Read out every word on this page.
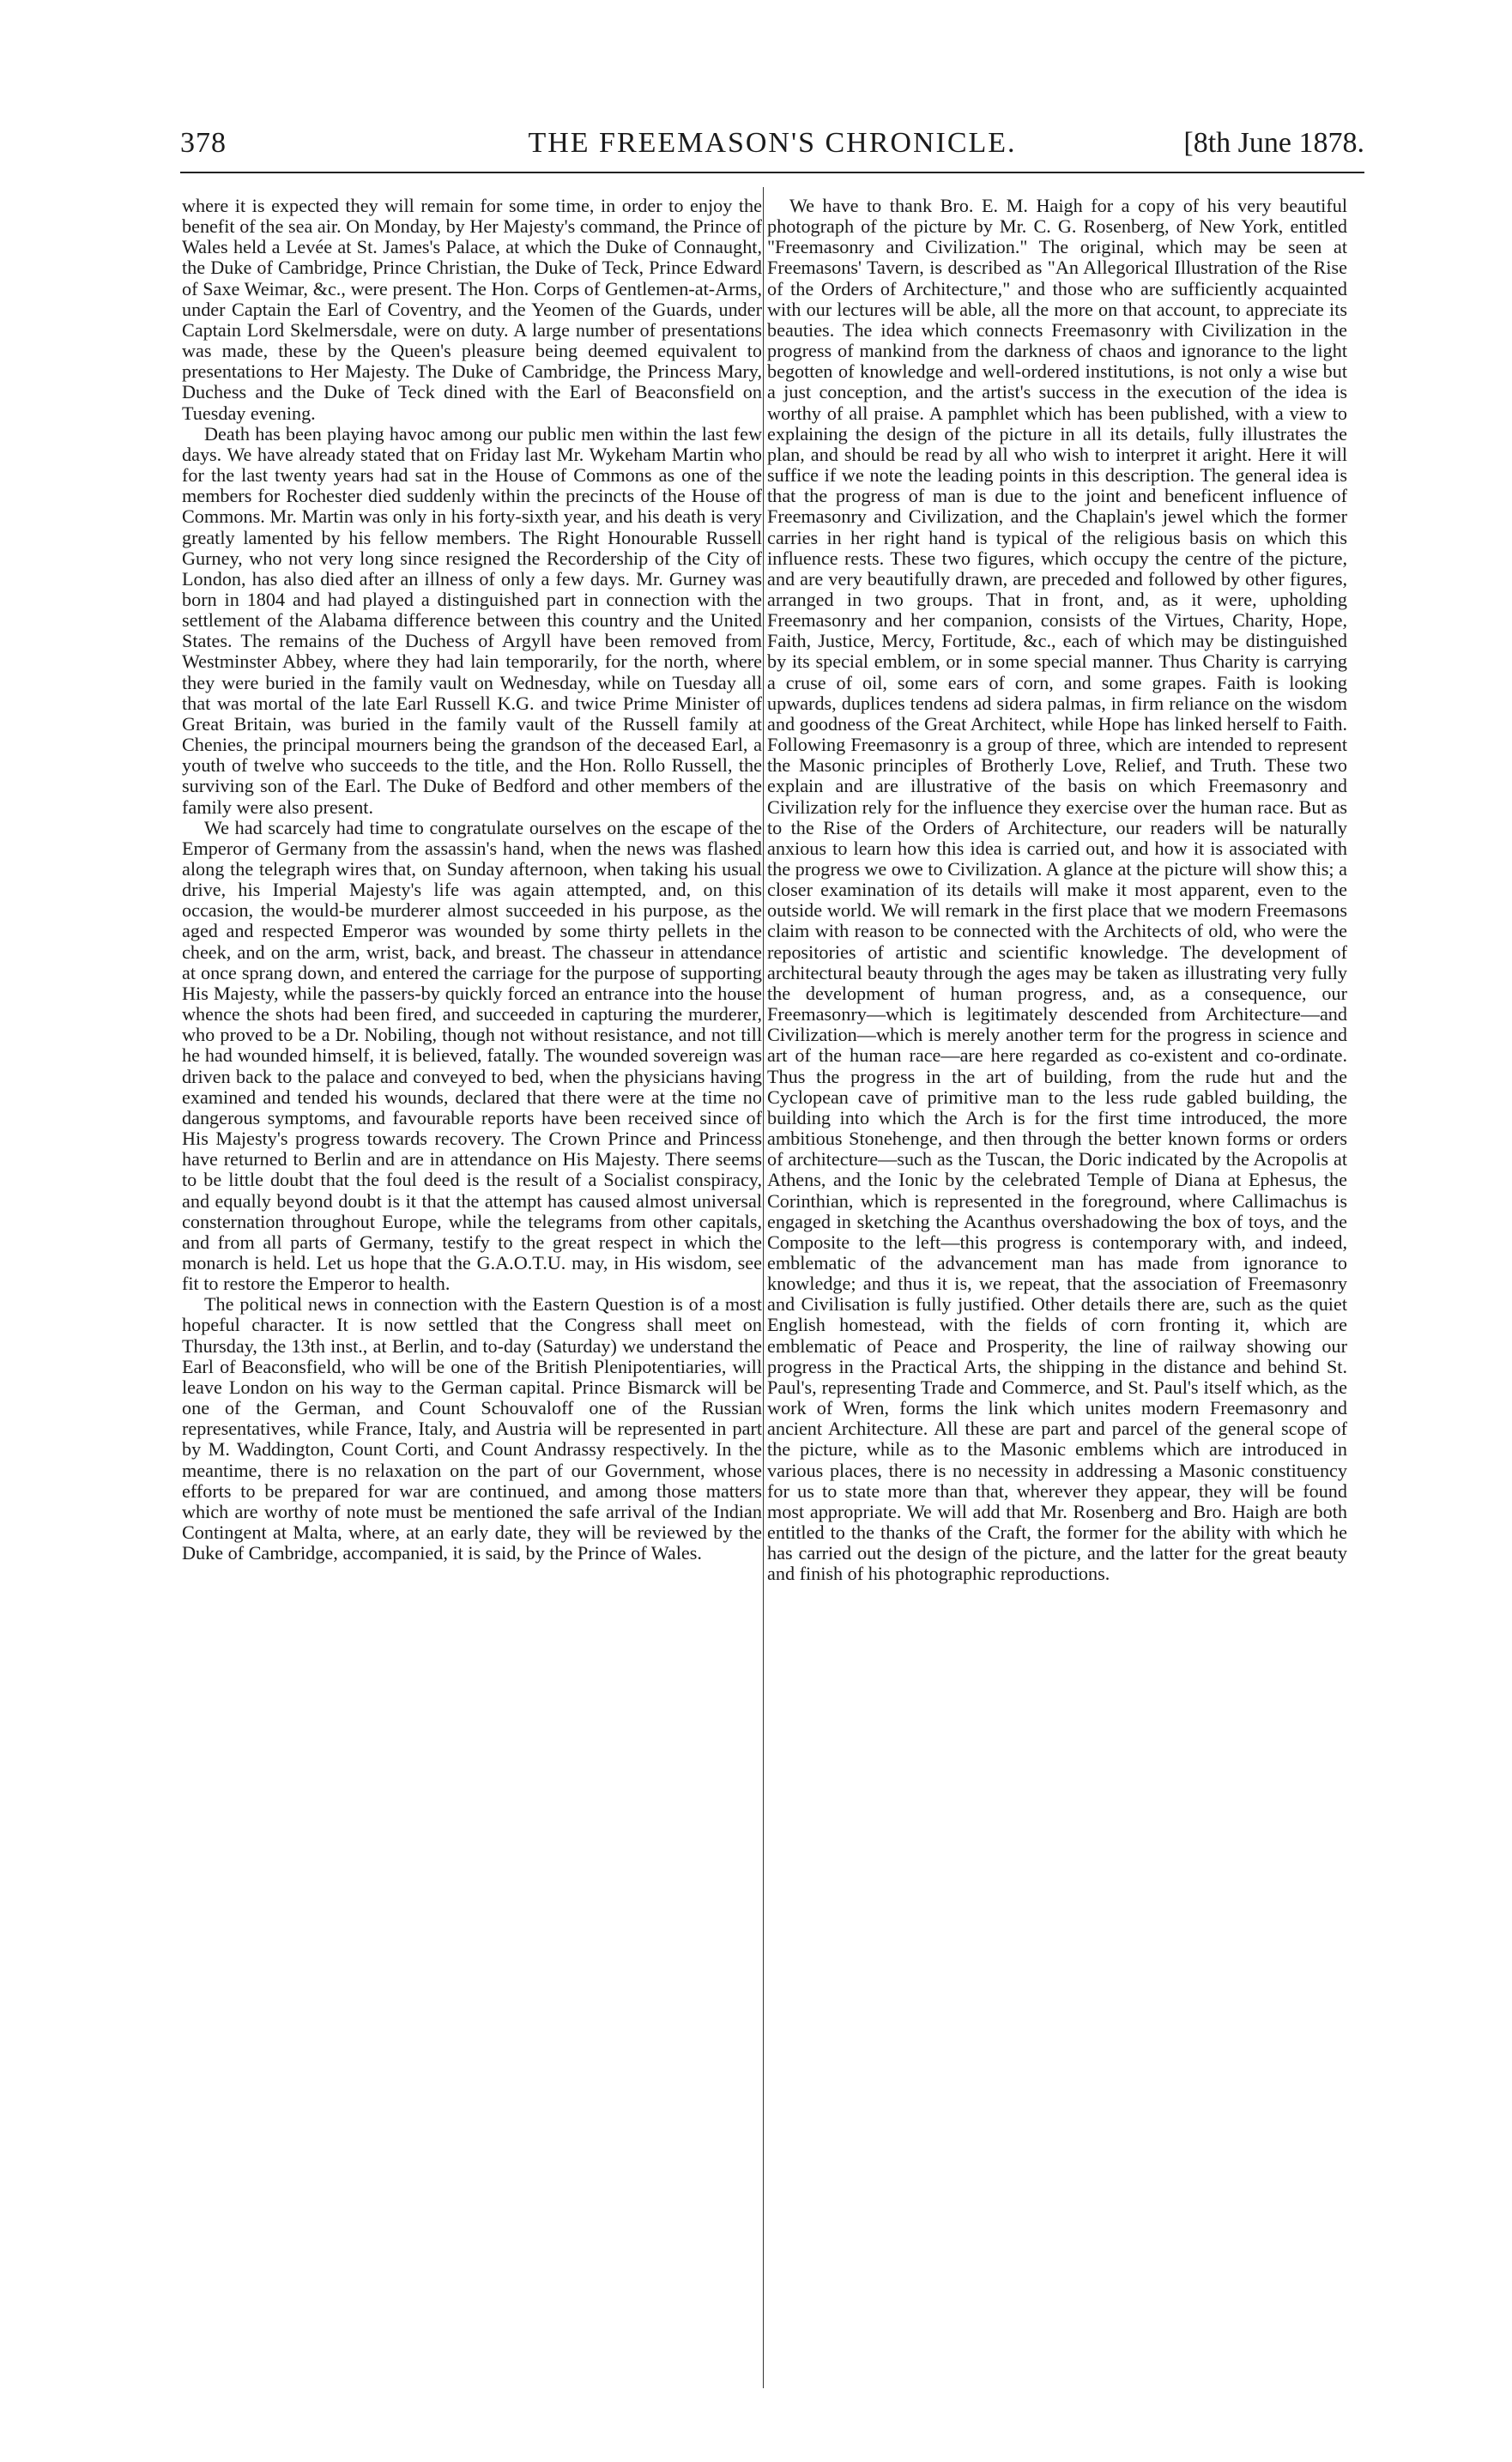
378	THE FREEMASON'S CHRONICLE.	[8th June 1878.

where it is expected they will remain for some time, in order to enjoy the benefit of the sea air. On Monday, by Her Majesty's command, the Prince of Wales held a Levée at St. James's Palace, at which the Duke of Connaught, the Duke of Cambridge, Prince Christian, the Duke of Teck, Prince Edward of Saxe Weimar, &c., were present. The Hon. Corps of Gentlemen-at-Arms, under Captain the Earl of Coventry, and the Yeomen of the Guards, under Captain Lord Skelmersdale, were on duty. A large number of presentations was made, these by the Queen's pleasure being deemed equivalent to presentations to Her Majesty. The Duke of Cambridge, the Princess Mary, Duchess and the Duke of Teck dined with the Earl of Beaconsfield on Tuesday evening.

Death has been playing havoc among our public men within the last few days. We have already stated that on Friday last Mr. Wykeham Martin who for the last twenty years had sat in the House of Commons as one of the members for Rochester died suddenly within the precincts of the House of Commons. Mr. Martin was only in his forty-sixth year, and his death is very greatly lamented by his fellow members. The Right Honourable Russell Gurney, who not very long since resigned the Recordership of the City of London, has also died after an illness of only a few days. Mr. Gurney was born in 1804 and had played a distinguished part in connection with the settlement of the Alabama difference between this country and the United States. The remains of the Duchess of Argyll have been removed from Westminster Abbey, where they had lain temporarily, for the north, where they were buried in the family vault on Wednesday, while on Tuesday all that was mortal of the late Earl Russell K.G. and twice Prime Minister of Great Britain, was buried in the family vault of the Russell family at Chenies, the principal mourners being the grandson of the deceased Earl, a youth of twelve who succeeds to the title, and the Hon. Rollo Russell, the surviving son of the Earl. The Duke of Bedford and other members of the family were also present.

We had scarcely had time to congratulate ourselves on the escape of the Emperor of Germany from the assassin's hand, when the news was flashed along the telegraph wires that, on Sunday afternoon, when taking his usual drive, his Imperial Majesty's life was again attempted, and, on this occasion, the would-be murderer almost succeeded in his purpose, as the aged and respected Emperor was wounded by some thirty pellets in the cheek, and on the arm, wrist, back, and breast. The chasseur in attendance at once sprang down, and entered the carriage for the purpose of supporting His Majesty, while the passers-by quickly forced an entrance into the house whence the shots had been fired, and succeeded in capturing the murderer, who proved to be a Dr. Nobiling, though not without resistance, and not till he had wounded himself, it is believed, fatally. The wounded sovereign was driven back to the palace and conveyed to bed, when the physicians having examined and tended his wounds, declared that there were at the time no dangerous symptoms, and favourable reports have been received since of His Majesty's progress towards recovery. The Crown Prince and Princess have returned to Berlin and are in attendance on His Majesty. There seems to be little doubt that the foul deed is the result of a Socialist conspiracy, and equally beyond doubt is it that the attempt has caused almost universal consternation throughout Europe, while the telegrams from other capitals, and from all parts of Germany, testify to the great respect in which the monarch is held. Let us hope that the G.A.O.T.U. may, in His wisdom, see fit to restore the Emperor to health.

The political news in connection with the Eastern Question is of a most hopeful character. It is now settled that the Congress shall meet on Thursday, the 13th inst., at Berlin, and to-day (Saturday) we understand the Earl of Beaconsfield, who will be one of the British Plenipotentiaries, will leave London on his way to the German capital. Prince Bismarck will be one of the German, and Count Schouvaloff one of the Russian representatives, while France, Italy, and Austria will be represented in part by M. Waddington, Count Corti, and Count Andrassy respectively. In the meantime, there is no relaxation on the part of our Government, whose efforts to be prepared for war are continued, and among those matters which are worthy of note must be mentioned the safe arrival of the Indian Contingent at Malta, where, at an early date, they will be reviewed by the Duke of Cambridge, accompanied, it is said, by the Prince of Wales.

We have to thank Bro. E. M. Haigh for a copy of his very beautiful photograph of the picture by Mr. C. G. Rosenberg, of New York, entitled "Freemasonry and Civilization." The original, which may be seen at Freemasons' Tavern, is described as "An Allegorical Illustration of the Rise of the Orders of Architecture," and those who are sufficiently acquainted with our lectures will be able, all the more on that account, to appreciate its beauties. The idea which connects Freemasonry with Civilization in the progress of mankind from the darkness of chaos and ignorance to the light begotten of knowledge and well-ordered institutions, is not only a wise but a just conception, and the artist's success in the execution of the idea is worthy of all praise. A pamphlet which has been published, with a view to explaining the design of the picture in all its details, fully illustrates the plan, and should be read by all who wish to interpret it aright. Here it will suffice if we note the leading points in this description. The general idea is that the progress of man is due to the joint and beneficent influence of Freemasonry and Civilization, and the Chaplain's jewel which the former carries in her right hand is typical of the religious basis on which this influence rests. These two figures, which occupy the centre of the picture, and are very beautifully drawn, are preceded and followed by other figures, arranged in two groups. That in front, and, as it were, upholding Freemasonry and her companion, consists of the Virtues, Charity, Hope, Faith, Justice, Mercy, Fortitude, &c., each of which may be distinguished by its special emblem, or in some special manner. Thus Charity is carrying a cruse of oil, some ears of corn, and some grapes. Faith is looking upwards, duplices tendens ad sidera palmas, in firm reliance on the wisdom and goodness of the Great Architect, while Hope has linked herself to Faith. Following Freemasonry is a group of three, which are intended to represent the Masonic principles of Brotherly Love, Relief, and Truth. These two explain and are illustrative of the basis on which Freemasonry and Civilization rely for the influence they exercise over the human race. But as to the Rise of the Orders of Architecture, our readers will be naturally anxious to learn how this idea is carried out, and how it is associated with the progress we owe to Civilization. A glance at the picture will show this; a closer examination of its details will make it most apparent, even to the outside world. We will remark in the first place that we modern Freemasons claim with reason to be connected with the Architects of old, who were the repositories of artistic and scientific knowledge. The development of architectural beauty through the ages may be taken as illustrating very fully the development of human progress, and, as a consequence, our Freemasonry—which is legitimately descended from Architecture—and Civilization—which is merely another term for the progress in science and art of the human race—are here regarded as co-existent and co-ordinate. Thus the progress in the art of building, from the rude hut and the Cyclopean cave of primitive man to the less rude gabled building, the building into which the Arch is for the first time introduced, the more ambitious Stonehenge, and then through the better known forms or orders of architecture—such as the Tuscan, the Doric indicated by the Acropolis at Athens, and the Ionic by the celebrated Temple of Diana at Ephesus, the Corinthian, which is represented in the foreground, where Callimachus is engaged in sketching the Acanthus overshadowing the box of toys, and the Composite to the left—this progress is contemporary with, and indeed, emblematic of the advancement man has made from ignorance to knowledge; and thus it is, we repeat, that the association of Freemasonry and Civilisation is fully justified. Other details there are, such as the quiet English homestead, with the fields of corn fronting it, which are emblematic of Peace and Prosperity, the line of railway showing our progress in the Practical Arts, the shipping in the distance and behind St. Paul's, representing Trade and Commerce, and St. Paul's itself which, as the work of Wren, forms the link which unites modern Freemasonry and ancient Architecture. All these are part and parcel of the general scope of the picture, while as to the Masonic emblems which are introduced in various places, there is no necessity in addressing a Masonic constituency for us to state more than that, wherever they appear, they will be found most appropriate. We will add that Mr. Rosenberg and Bro. Haigh are both entitled to the thanks of the Craft, the former for the ability with which he has carried out the design of the picture, and the latter for the great beauty and finish of his photographic reproductions.
